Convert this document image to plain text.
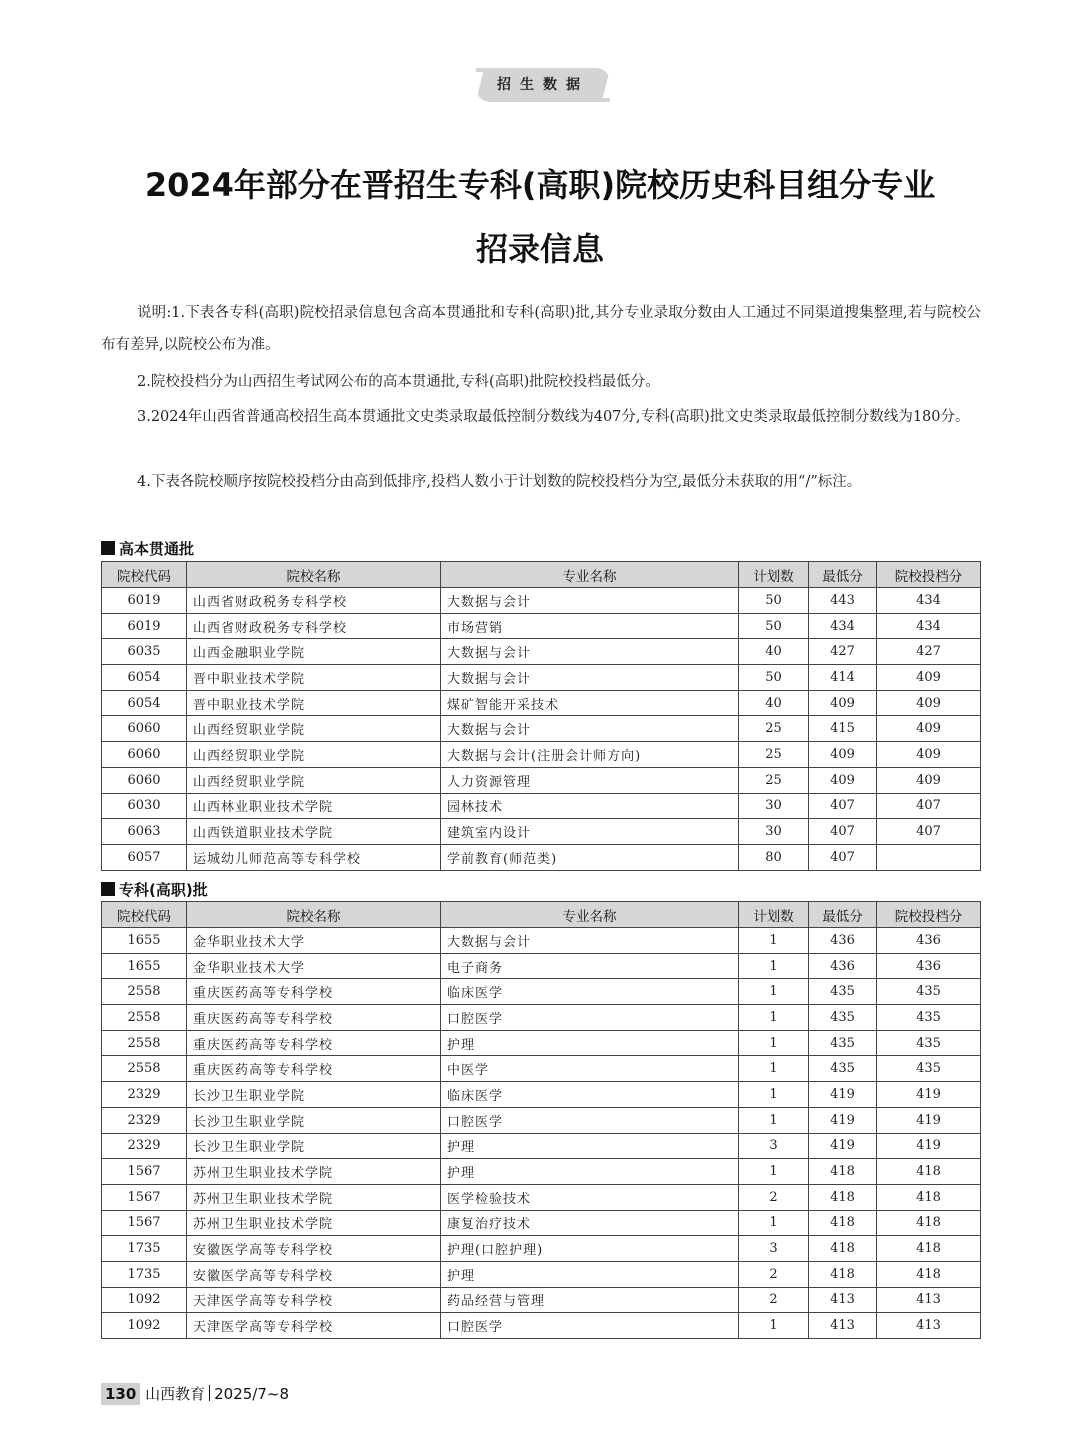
招生数据
2024年部分在晋招生专科(高职)院校历史科目组分专业
招录信息

说明:1.下表各专科(高职)院校招录信息包含高本贯通批和专科(高职)批,其分专业录取分数由人工通过不同渠道搜集整理,若与院校公布有差异,以院校公布为准。

2.院校投档分为山西招生考试网公布的高本贯通批,专科(高职)批院校投档最低分。

3.2024年山西省普通高校招生高本贯通批文史类录取最低控制分数线为407分,专科(高职)批文史类录取最低控制分数线为180分。

4.下表各院校顺序按院校投档分由高到低排序,投档人数小于计划数的院校投档分为空,最低分未获取的用“/”标注。

高本贯通批
院校代码	院校名称	专业名称	计划数	最低分	院校投档分
6019	山西省财政税务专科学校	大数据与会计	50	443	434
6019	山西省财政税务专科学校	市场营销	50	434	434
6035	山西金融职业学院	大数据与会计	40	427	427
6054	晋中职业技术学院	大数据与会计	50	414	409
6054	晋中职业技术学院	煤矿智能开采技术	40	409	409
6060	山西经贸职业学院	大数据与会计	25	415	409
6060	山西经贸职业学院	大数据与会计(注册会计师方向)	25	409	409
6060	山西经贸职业学院	人力资源管理	25	409	409
6030	山西林业职业技术学院	园林技术	30	407	407
6063	山西铁道职业技术学院	建筑室内设计	30	407	407
6057	运城幼儿师范高等专科学校	学前教育(师范类)	80	407	
专科(高职)批
院校代码	院校名称	专业名称	计划数	最低分	院校投档分
1655	金华职业技术大学	大数据与会计	1	436	436
1655	金华职业技术大学	电子商务	1	436	436
2558	重庆医药高等专科学校	临床医学	1	435	435
2558	重庆医药高等专科学校	口腔医学	1	435	435
2558	重庆医药高等专科学校	护理	1	435	435
2558	重庆医药高等专科学校	中医学	1	435	435
2329	长沙卫生职业学院	临床医学	1	419	419
2329	长沙卫生职业学院	口腔医学	1	419	419
2329	长沙卫生职业学院	护理	3	419	419
1567	苏州卫生职业技术学院	护理	1	418	418
1567	苏州卫生职业技术学院	医学检验技术	2	418	418
1567	苏州卫生职业技术学院	康复治疗技术	1	418	418
1735	安徽医学高等专科学校	护理(口腔护理)	3	418	418
1735	安徽医学高等专科学校	护理	2	418	418
1092	天津医学高等专科学校	药品经营与管理	2	413	413
1092	天津医学高等专科学校	口腔医学	1	413	413
130 山西教育 2025/7~8
